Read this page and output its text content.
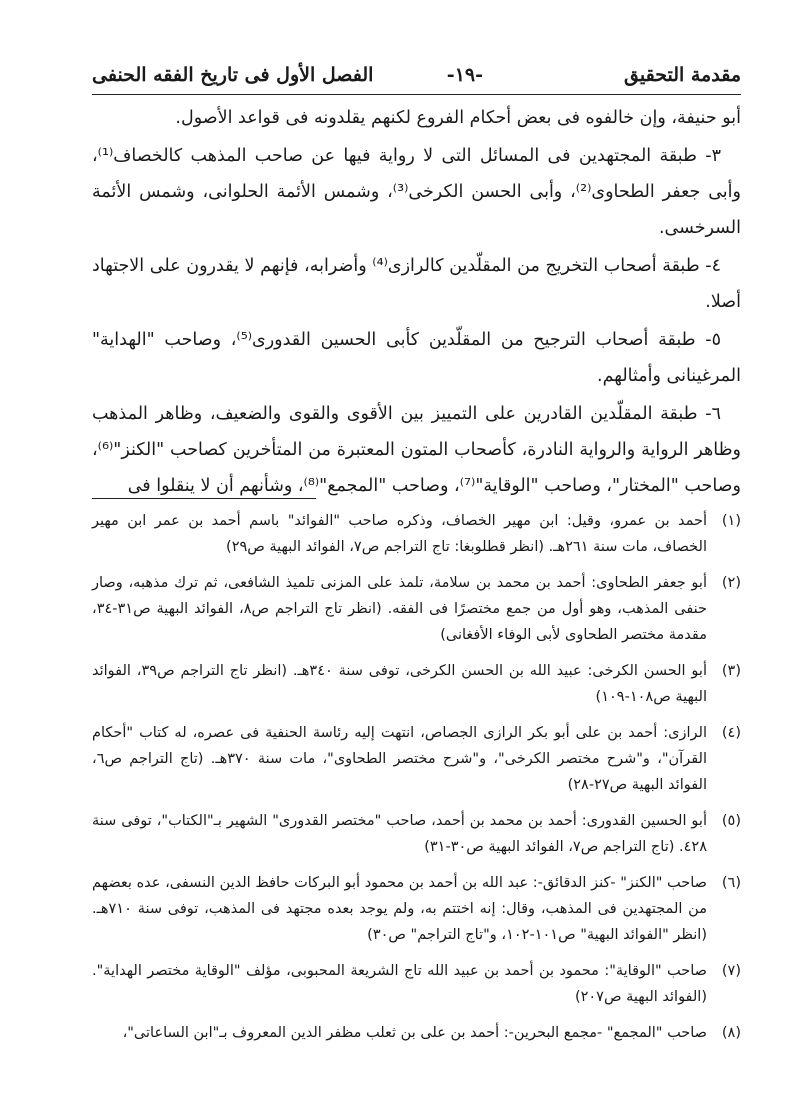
مقدمة التحقيق
-١٩-
الفصل الأول فى تاريخ الفقه الحنفى

أبو حنيفة، وإن خالفوه فى بعض أحكام الفروع لكنهم يقلدونه فى قواعد الأصول.

٣- طبقة المجتهدين فى المسائل التى لا رواية فيها عن صاحب المذهب كالخصاف⁽¹⁾، وأبى جعفر الطحاوى⁽²⁾، وأبى الحسن الكرخى⁽³⁾، وشمس الأئمة الحلوانى، وشمس الأئمة السرخسى.

٤- طبقة أصحاب التخريج من المقلّدين كالرازى⁽⁴⁾ وأضرابه، فإنهم لا يقدرون على الاجتهاد أصلا.

٥- طبقة أصحاب الترجيح من المقلّدين كأبى الحسين القدورى⁽⁵⁾، وصاحب "الهداية" المرغينانى وأمثالهم.

٦- طبقة المقلّدين القادرين على التمييز بين الأقوى والقوى والضعيف، وظاهر المذهب وظاهر الرواية والرواية النادرة، كأصحاب المتون المعتبرة من المتأخرين كصاحب "الكنز"⁽⁶⁾، وصاحب "المختار"، وصاحب "الوقاية"⁽⁷⁾، وصاحب "المجمع"⁽⁸⁾، وشأنهم أن لا ينقلوا فى

(١)
أحمد بن عمرو، وقيل: ابن مهير الخصاف، وذكره صاحب "الفوائد" باسم أحمد بن عمر ابن مهير الخصاف، مات سنة ٢٦١هـ. (انظر قطلوبغا: تاج التراجم ص٧، الفوائد البهية ص٢٩)
(٢)
أبو جعفر الطحاوى: أحمد بن محمد بن سلامة، تلمذ على المزنى تلميذ الشافعى، ثم ترك مذهبه، وصار حنفى المذهب، وهو أول من جمع مختصرًا فى الفقه. (انظر تاج التراجم ص٨، الفوائد البهية ص٣١-٣٤، مقدمة مختصر الطحاوى لأبى الوفاء الأفغانى)
(٣)
أبو الحسن الكرخى: عبيد الله بن الحسن الكرخى، توفى سنة ٣٤٠هـ. (انظر تاج التراجم ص٣٩، الفوائد البهية ص١٠٨-١٠٩)
(٤)
الرازى: أحمد بن على أبو بكر الرازى الجصاص، انتهت إليه رئاسة الحنفية فى عصره، له كتاب "أحكام القرآن"، و"شرح مختصر الكرخى"، و"شرح مختصر الطحاوى"، مات سنة ٣٧٠هـ. (تاج التراجم ص٦، الفوائد البهية ص٢٧-٢٨)
(٥)
أبو الحسين القدورى: أحمد بن محمد بن أحمد، صاحب "مختصر القدورى" الشهير بـ"الكتاب"، توفى سنة ٤٢٨. (تاج التراجم ص٧، الفوائد البهية ص٣٠-٣١)
(٦)
صاحب "الكنز" -كنز الدقائق-: عبد الله بن أحمد بن محمود أبو البركات حافظ الدين النسفى، عده بعضهم من المجتهدين فى المذهب، وقال: إنه اختتم به، ولم يوجد بعده مجتهد فى المذهب، توفى سنة ٧١٠هـ. (انظر "الفوائد البهية" ص١٠١-١٠٢، و"تاج التراجم" ص٣٠)
(٧)
صاحب "الوقاية": محمود بن أحمد بن عبيد الله تاج الشريعة المحبوبى، مؤلف "الوقاية مختصر الهداية". (الفوائد البهية ص٢٠٧)
(٨)
صاحب "المجمع" -مجمع البحرين-: أحمد بن على بن ثعلب مظفر الدين المعروف بـ"ابن الساعاتى"،
